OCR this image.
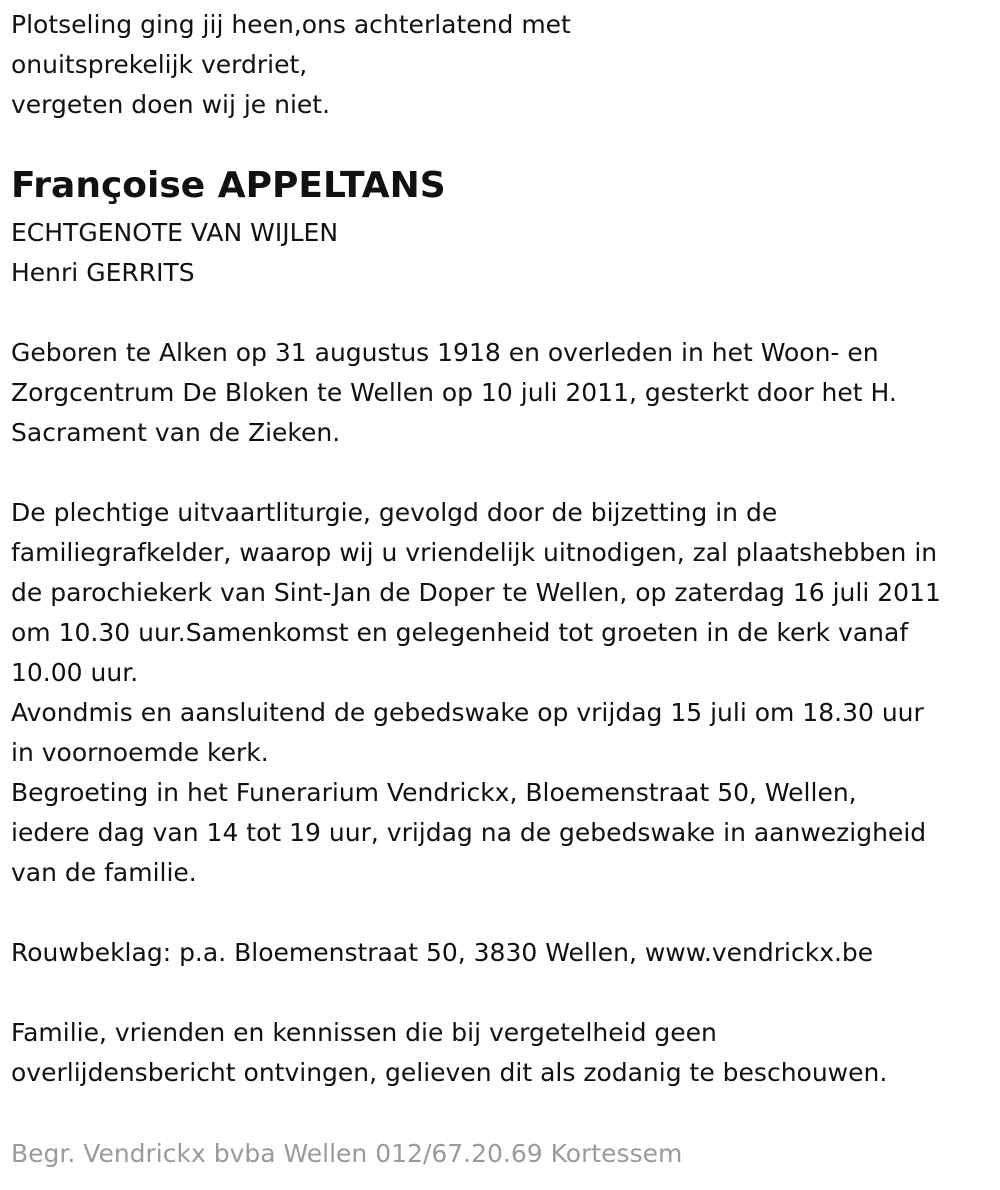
Plotseling ging jij heen,ons achterlatend met
onuitsprekelijk verdriet,
vergeten doen wij je niet.
Françoise APPELTANS
ECHTGENOTE VAN WIJLEN
Henri GERRITS
Geboren te Alken op 31 augustus 1918 en overleden in het Woon- en
Zorgcentrum De Bloken te Wellen op 10 juli 2011, gesterkt door het H.
Sacrament van de Zieken.
De plechtige uitvaartliturgie, gevolgd door de bijzetting in de
familiegrafkelder, waarop wij u vriendelijk uitnodigen, zal plaatshebben in
de parochiekerk van Sint-Jan de Doper te Wellen, op zaterdag 16 juli 2011
om 10.30 uur.Samenkomst en gelegenheid tot groeten in de kerk vanaf
10.00 uur.
Avondmis en aansluitend de gebedswake op vrijdag 15 juli om 18.30 uur
in voornoemde kerk.
Begroeting in het Funerarium Vendrickx, Bloemenstraat 50, Wellen,
iedere dag van 14 tot 19 uur, vrijdag na de gebedswake in aanwezigheid
van de familie.
Rouwbeklag: p.a. Bloemenstraat 50, 3830 Wellen, www.vendrickx.be
Familie, vrienden en kennissen die bij vergetelheid geen
overlijdensbericht ontvingen, gelieven dit als zodanig te beschouwen.
Begr. Vendrickx bvba Wellen 012/67.20.69 Kortessem
